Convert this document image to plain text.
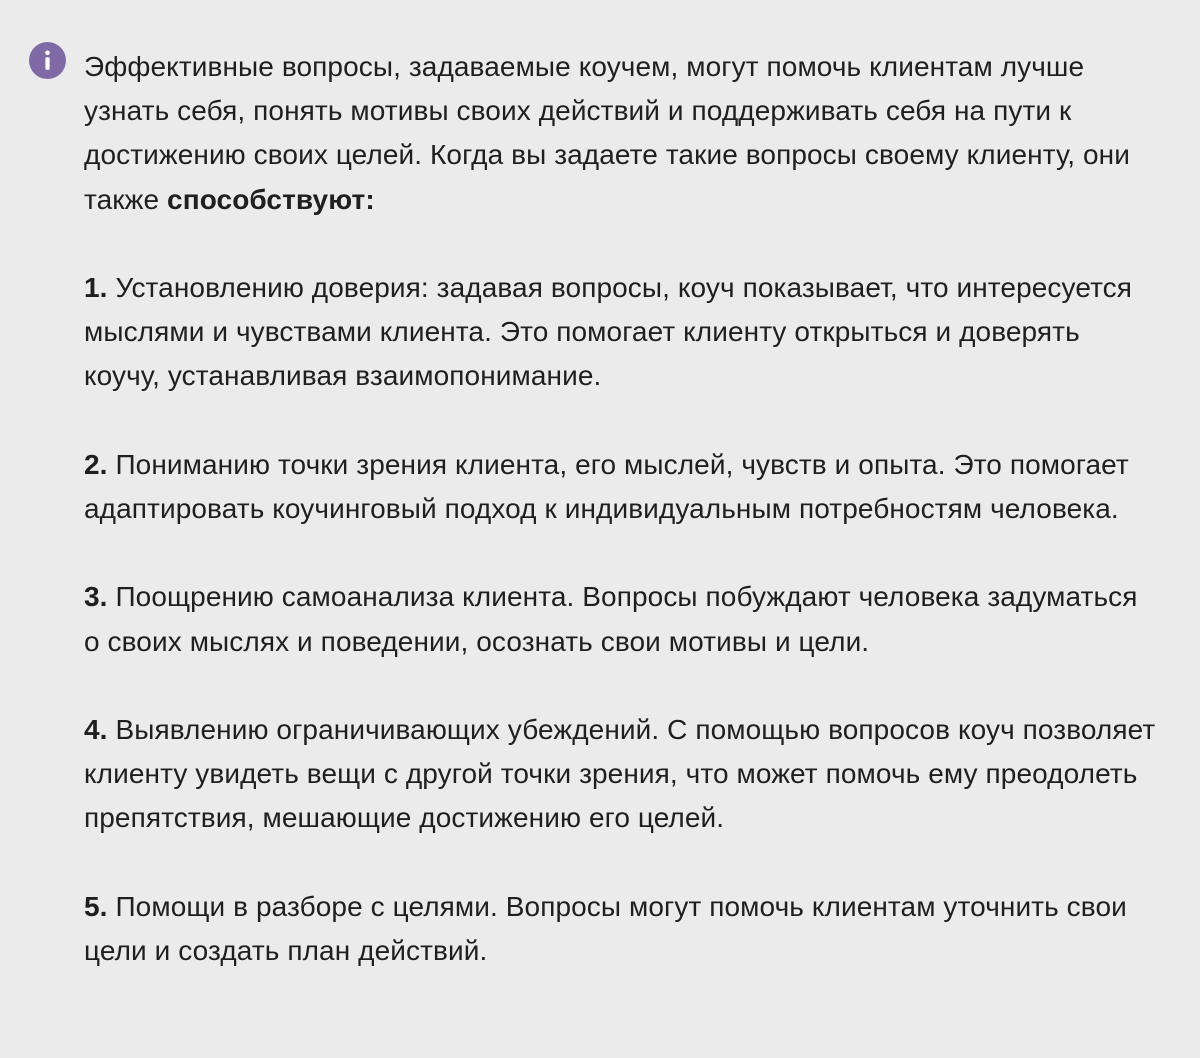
Эффективные вопросы, задаваемые коучем, могут помочь клиентам лучше узнать себя, понять мотивы своих действий и поддерживать себя на пути к достижению своих целей. Когда вы задаете такие вопросы своему клиенту, они также способствуют:

1. Установлению доверия: задавая вопросы, коуч показывает, что интересуется мыслями и чувствами клиента. Это помогает клиенту открыться и доверять коучу, устанавливая взаимопонимание.

2. Пониманию точки зрения клиента, его мыслей, чувств и опыта. Это помогает адаптировать коучинговый подход к индивидуальным потребностям человека.

3. Поощрению самоанализа клиента. Вопросы побуждают человека задуматься о своих мыслях и поведении, осознать свои мотивы и цели.

4. Выявлению ограничивающих убеждений. С помощью вопросов коуч позволяет клиенту увидеть вещи с другой точки зрения, что может помочь ему преодолеть препятствия, мешающие достижению его целей.

5. Помощи в разборе с целями. Вопросы могут помочь клиентам уточнить свои цели и создать план действий.
